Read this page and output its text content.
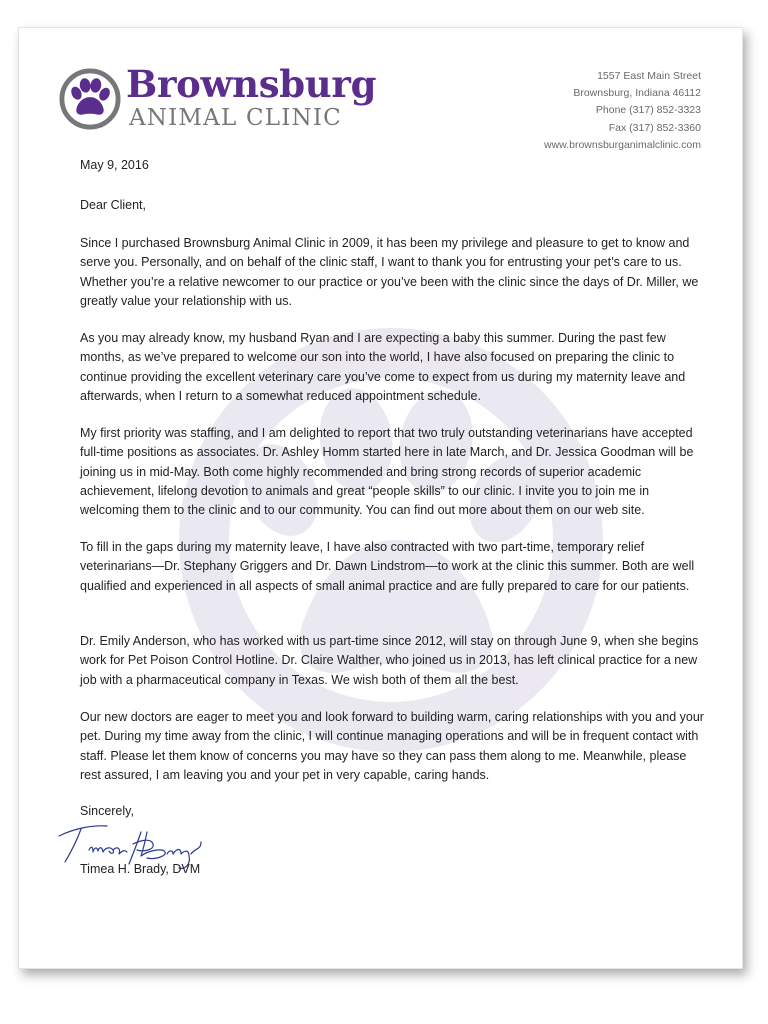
Brownsburg
ANIMAL CLINIC
1557 East Main Street
Brownsburg, Indiana 46112
Phone (317) 852-3323
Fax (317) 852-3360
www.brownsburganimalclinic.com
May 9, 2016
Dear Client,

Since I purchased Brownsburg Animal Clinic in 2009, it has been my privilege and pleasure to get to know and serve you. Personally, and on behalf of the clinic staff, I want to thank you for entrusting your pet’s care to us. Whether you’re a relative newcomer to our practice or you’ve been with the clinic since the days of Dr. Miller, we greatly value your relationship with us.

As you may already know, my husband Ryan and I are expecting a baby this summer. During the past few months, as we’ve prepared to welcome our son into the world, I have also focused on preparing the clinic to continue providing the excellent veterinary care you’ve come to expect from us during my maternity leave and afterwards, when I return to a somewhat reduced appointment schedule.

My first priority was staffing, and I am delighted to report that two truly outstanding veterinarians have accepted full-time positions as associates. Dr. Ashley Homm started here in late March, and Dr. Jessica Goodman will be joining us in mid-May. Both come highly recommended and bring strong records of superior academic achievement, lifelong devotion to animals and great “people skills” to our clinic. I invite you to join me in welcoming them to the clinic and to our community. You can find out more about them on our web site.

To fill in the gaps during my maternity leave, I have also contracted with two part-time, temporary relief veterinarians—Dr. Stephany Griggers and Dr. Dawn Lindstrom—to work at the clinic this summer. Both are well qualified and experienced in all aspects of small animal practice and are fully prepared to care for our patients.

Dr. Emily Anderson, who has worked with us part-time since 2012, will stay on through June 9, when she begins work for Pet Poison Control Hotline. Dr. Claire Walther, who joined us in 2013, has left clinical practice for a new job with a pharmaceutical company in Texas. We wish both of them all the best.

Our new doctors are eager to meet you and look forward to building warm, caring relationships with you and your pet. During my time away from the clinic, I will continue managing operations and will be in frequent contact with staff. Please let them know of concerns you may have so they can pass them along to me. Meanwhile, please rest assured, I am leaving you and your pet in very capable, caring hands.

Sincerely,
Timea H. Brady, DVM
